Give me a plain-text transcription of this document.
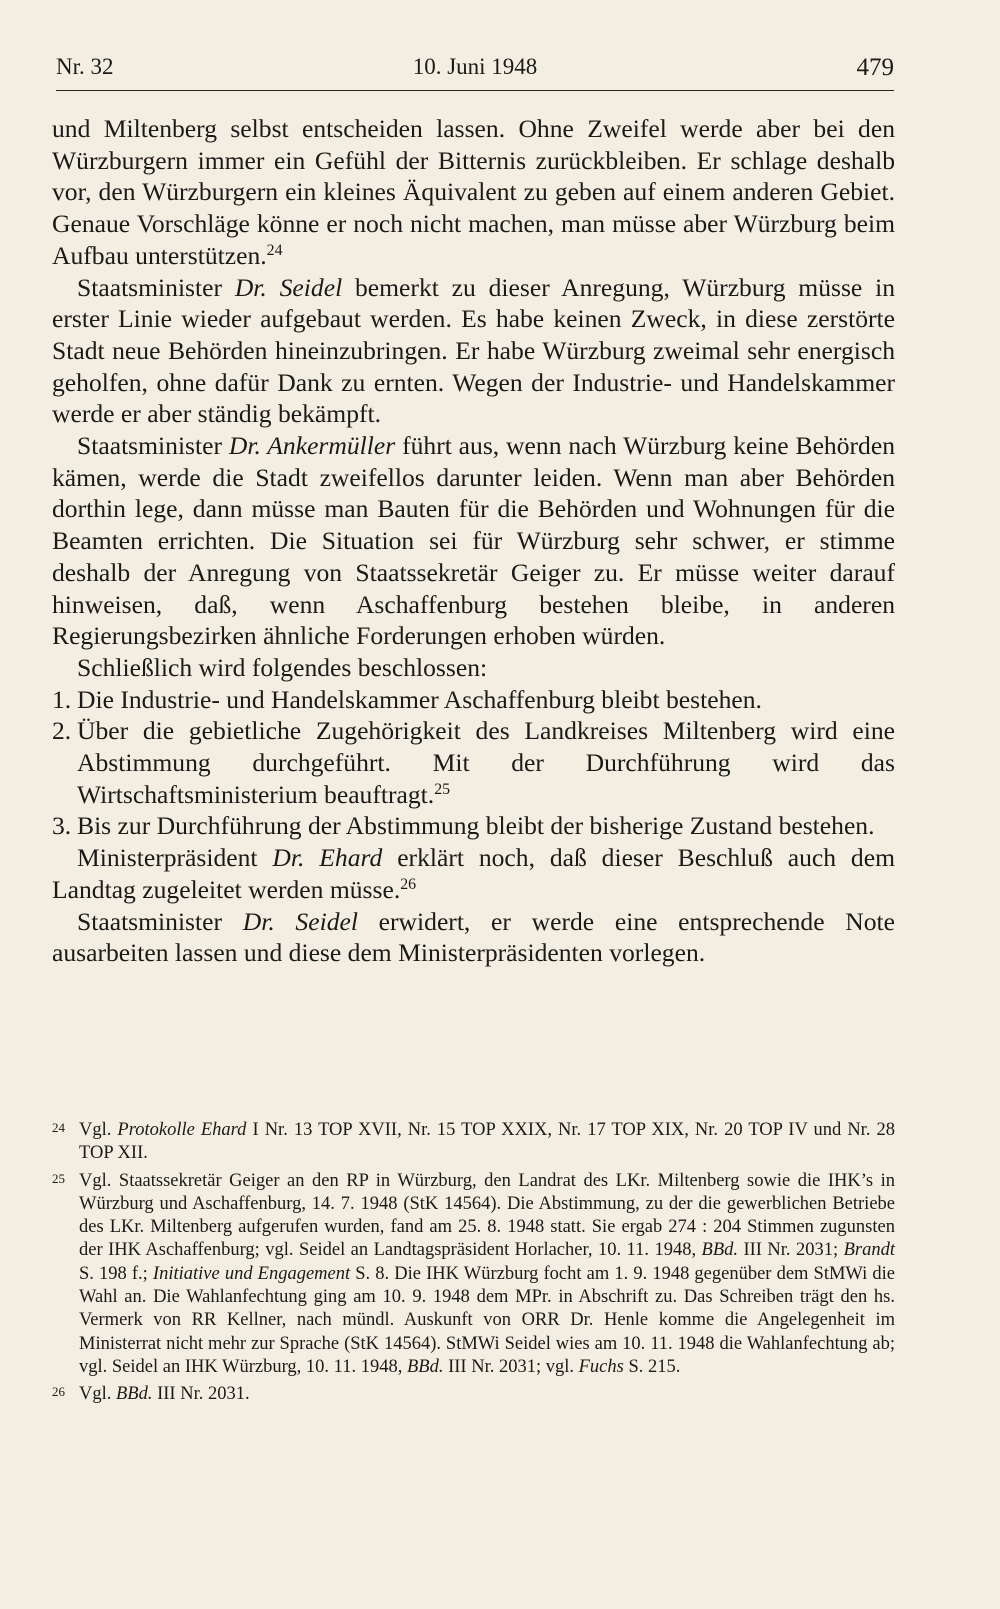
Nr. 32	10. Juni 1948	479

und Miltenberg selbst entscheiden lassen. Ohne Zweifel werde aber bei den Würzburgern immer ein Gefühl der Bitternis zurückbleiben. Er schlage deshalb vor, den Würzburgern ein kleines Äquivalent zu geben auf einem anderen Gebiet. Genaue Vorschläge könne er noch nicht machen, man müsse aber Würzburg beim Aufbau unterstützen.$^{24}$

Staatsminister Dr. Seidel bemerkt zu dieser Anregung, Würzburg müsse in erster Linie wieder aufgebaut werden. Es habe keinen Zweck, in diese zerstörte Stadt neue Behörden hineinzubringen. Er habe Würzburg zweimal sehr energisch geholfen, ohne dafür Dank zu ernten. Wegen der Industrie- und Handelskammer werde er aber ständig bekämpft.

Staatsminister Dr. Ankermüller führt aus, wenn nach Würzburg keine Behörden kämen, werde die Stadt zweifellos darunter leiden. Wenn man aber Behörden dorthin lege, dann müsse man Bauten für die Behörden und Wohnungen für die Beamten errichten. Die Situation sei für Würzburg sehr schwer, er stimme deshalb der Anregung von Staatssekretär Geiger zu. Er müsse weiter darauf hinweisen, daß, wenn Aschaffenburg bestehen bleibe, in anderen Regierungsbezirken ähnliche Forderungen erhoben würden.

Schließlich wird folgendes beschlossen:

1. Die Industrie- und Handelskammer Aschaffenburg bleibt bestehen.
2. Über die gebietliche Zugehörigkeit des Landkreises Miltenberg wird eine Abstimmung durchgeführt. Mit der Durchführung wird das Wirtschaftsministerium beauftragt.$^{25}$
3. Bis zur Durchführung der Abstimmung bleibt der bisherige Zustand bestehen.

Ministerpräsident Dr. Ehard erklärt noch, daß dieser Beschluß auch dem Landtag zugeleitet werden müsse.$^{26}$

Staatsminister Dr. Seidel erwidert, er werde eine entsprechende Note ausarbeiten lassen und diese dem Ministerpräsidenten vorlegen.

24 Vgl. Protokolle Ehard I Nr. 13 TOP XVII, Nr. 15 TOP XXIX, Nr. 17 TOP XIX, Nr. 20 TOP IV und Nr. 28 TOP XII.
25 Vgl. Staatssekretär Geiger an den RP in Würzburg, den Landrat des LKr. Miltenberg sowie die IHK’s in Würzburg und Aschaffenburg, 14. 7. 1948 (StK 14564). Die Abstimmung, zu der die gewerblichen Betriebe des LKr. Miltenberg aufgerufen wurden, fand am 25. 8. 1948 statt. Sie ergab 274 : 204 Stimmen zugunsten der IHK Aschaffenburg; vgl. Seidel an Landtagspräsident Horlacher, 10. 11. 1948, BBd. III Nr. 2031; Brandt S. 198 f.; Initiative und Engagement S. 8. Die IHK Würzburg focht am 1. 9. 1948 gegenüber dem StMWi die Wahl an. Die Wahlanfechtung ging am 10. 9. 1948 dem MPr. in Abschrift zu. Das Schreiben trägt den hs. Vermerk von RR Kellner, nach mündl. Auskunft von ORR Dr. Henle komme die Angelegenheit im Ministerrat nicht mehr zur Sprache (StK 14564). StMWi Seidel wies am 10. 11. 1948 die Wahlanfechtung ab; vgl. Seidel an IHK Würzburg, 10. 11. 1948, BBd. III Nr. 2031; vgl. Fuchs S. 215.
26 Vgl. BBd. III Nr. 2031.
